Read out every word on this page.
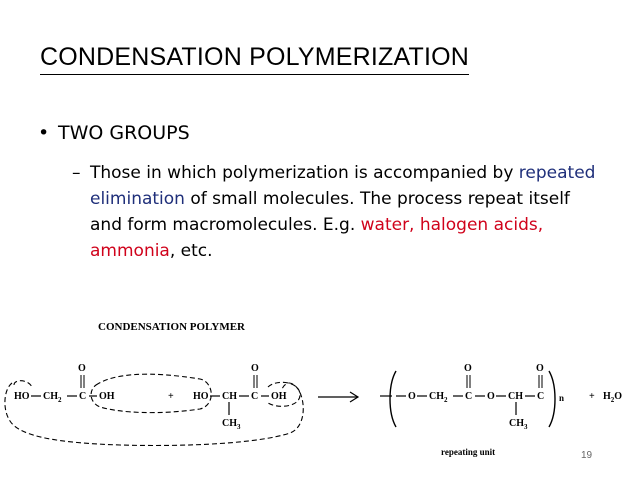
CONDENSATION POLYMERIZATION
• TWO GROUPS
– Those in which polymerization is accompanied by repeated elimination of small molecules. The process repeat itself and form macromolecules. E.g. water, halogen acids, ammonia, etc.
CONDENSATION POLYMER
HO $CH_2$ C OH
O
+ HO CH C OH
O
$CH_3$
O $CH_2$ C
O
O CH
$CH_3$
C
O
$n + H_2O$
repeating unit	19
